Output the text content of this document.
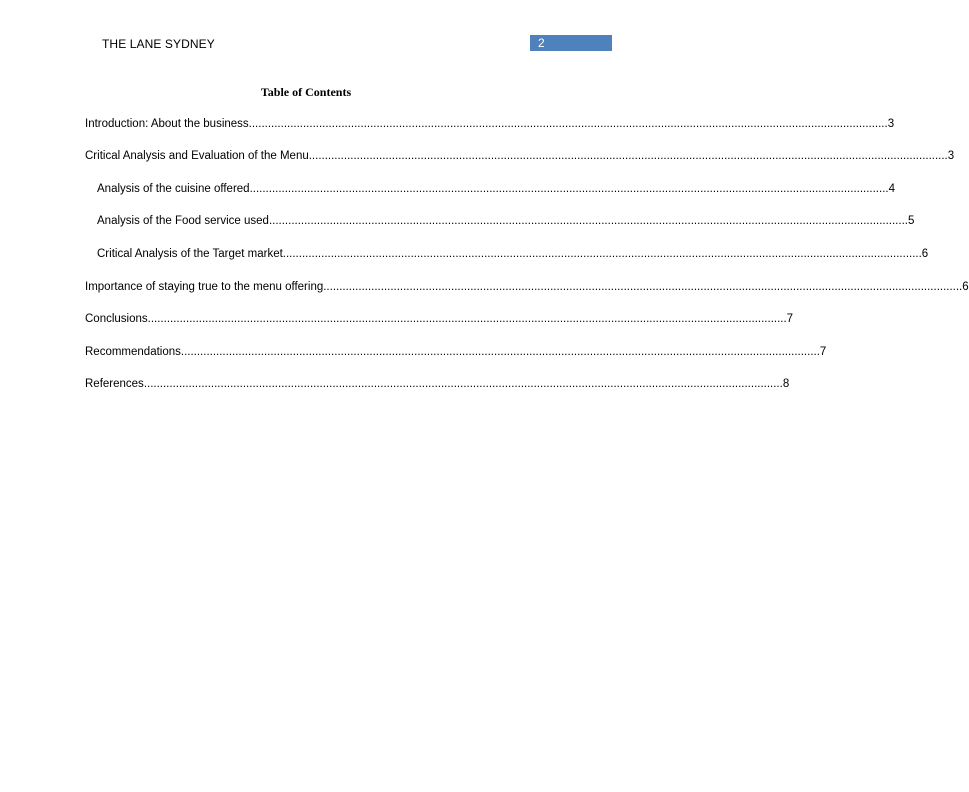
THE LANE SYDNEY	2
Table of Contents
Introduction: About the business ........................................................................................................................................................................................................ 3
Critical Analysis and Evaluation of the Menu ........................................................................................................................................................................................................ 3
Analysis of the cuisine offered ........................................................................................................................................................................................................ 4
Analysis of the Food service used ........................................................................................................................................................................................................ 5
Critical Analysis of the Target market ........................................................................................................................................................................................................ 6
Importance of staying true to the menu offering ........................................................................................................................................................................................................ 6
Conclusions ........................................................................................................................................................................................................ 7
Recommendations ........................................................................................................................................................................................................ 7
References ........................................................................................................................................................................................................ 8
